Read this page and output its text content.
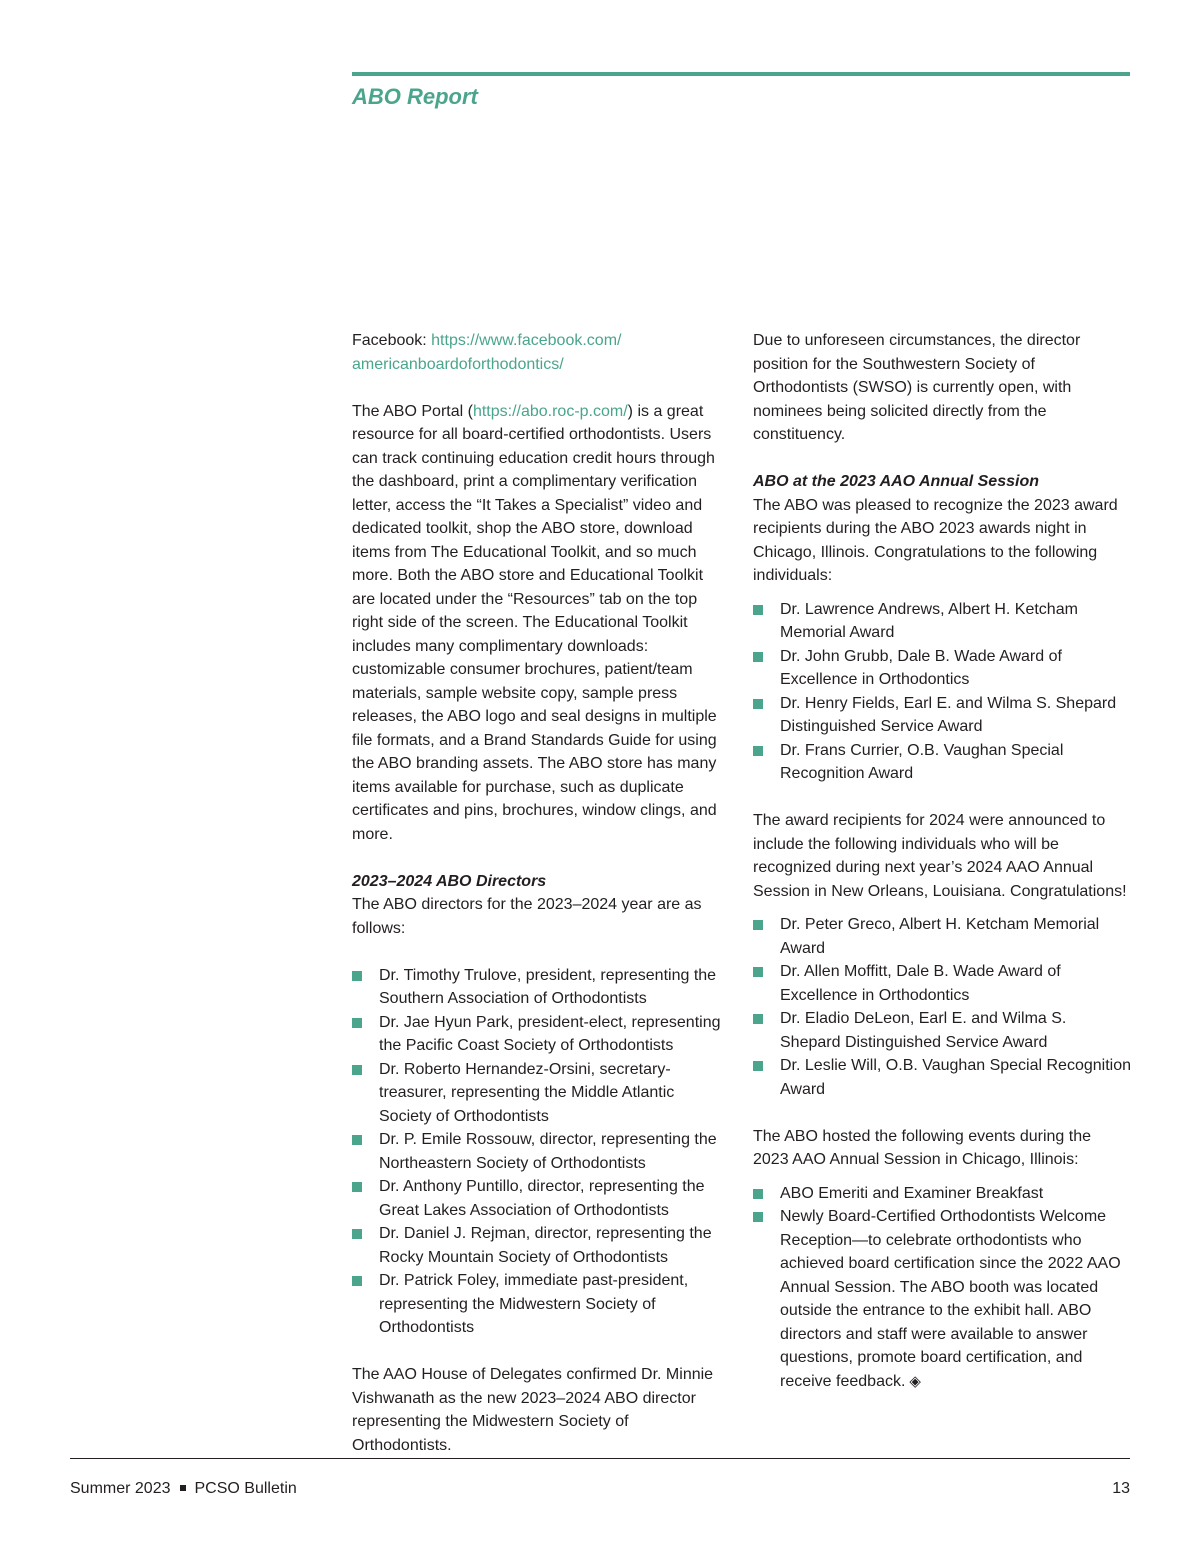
ABO Report

Facebook: https://www.facebook.com/ americanboardoforthodontics/

The ABO Portal (https://abo.roc-p.com/) is a great resource for all board-certified orthodontists. Users can track continuing education credit hours through the dashboard, print a complimentary verification letter, access the “It Takes a Specialist” video and dedicated toolkit, shop the ABO store, download items from The Educational Toolkit, and so much more. Both the ABO store and Educational Toolkit are located under the “Resources” tab on the top right side of the screen. The Educational Toolkit includes many complimentary downloads: customizable consumer brochures, patient/team materials, sample website copy, sample press releases, the ABO logo and seal designs in multiple file formats, and a Brand Standards Guide for using the ABO branding assets. The ABO store has many items available for purchase, such as duplicate certificates and pins, brochures, window clings, and more.

2023–2024 ABO Directors

The ABO directors for the 2023–2024 year are as follows:

Dr. Timothy Trulove, president, representing the Southern Association of Orthodontists
Dr. Jae Hyun Park, president-elect, representing the Pacific Coast Society of Orthodontists
Dr. Roberto Hernandez-Orsini, secretary-treasurer, representing the Middle Atlantic Society of Orthodontists
Dr. P. Emile Rossouw, director, representing the Northeastern Society of Orthodontists
Dr. Anthony Puntillo, director, representing the Great Lakes Association of Orthodontists
Dr. Daniel J. Rejman, director, representing the Rocky Mountain Society of Orthodontists
Dr. Patrick Foley, immediate past-president, representing the Midwestern Society of Orthodontists

The AAO House of Delegates confirmed Dr. Minnie Vishwanath as the new 2023–2024 ABO director representing the Midwestern Society of Orthodontists.

Due to unforeseen circumstances, the director position for the Southwestern Society of Orthodontists (SWSO) is currently open, with nominees being solicited directly from the constituency.

ABO at the 2023 AAO Annual Session

The ABO was pleased to recognize the 2023 award recipients during the ABO 2023 awards night in Chicago, Illinois. Congratulations to the following individuals:

Dr. Lawrence Andrews, Albert H. Ketcham Memorial Award
Dr. John Grubb, Dale B. Wade Award of Excellence in Orthodontics
Dr. Henry Fields, Earl E. and Wilma S. Shepard Distinguished Service Award
Dr. Frans Currier, O.B. Vaughan Special Recognition Award

The award recipients for 2024 were announced to include the following individuals who will be recognized during next year’s 2024 AAO Annual Session in New Orleans, Louisiana. Congratulations!

Dr. Peter Greco, Albert H. Ketcham Memorial Award
Dr. Allen Moffitt, Dale B. Wade Award of Excellence in Orthodontics
Dr. Eladio DeLeon, Earl E. and Wilma S. Shepard Distinguished Service Award
Dr. Leslie Will, O.B. Vaughan Special Recognition Award

The ABO hosted the following events during the 2023 AAO Annual Session in Chicago, Illinois:

ABO Emeriti and Examiner Breakfast
Newly Board-Certified Orthodontists Welcome Reception—to celebrate orthodontists who achieved board certification since the 2022 AAO Annual Session. The ABO booth was located outside the entrance to the exhibit hall. ABO directors and staff were available to answer questions, promote board certification, and receive feedback. ◈
Summer 2023 PCSO Bulletin	13
